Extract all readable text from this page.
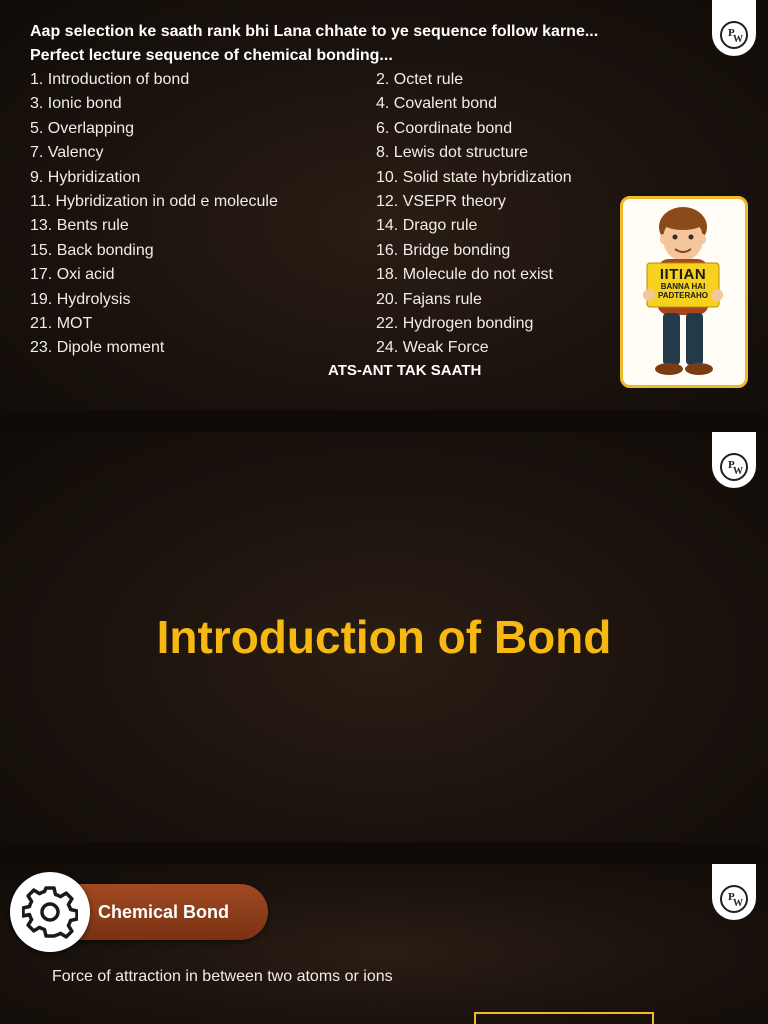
P
W
Aap selection ke saath rank bhi Lana chhate to ye sequence follow karne...
Perfect lecture sequence of chemical bonding...
1. Introduction of bond	2. Octet rule
3. Ionic bond	4. Covalent bond
5. Overlapping	6. Coordinate bond
7. Valency	8. Lewis dot structure
9. Hybridization	10. Solid state hybridization
11. Hybridization in odd e molecule	12. VSEPR theory
13. Bents rule	14. Drago rule
15. Back bonding	16. Bridge bonding
17. Oxi acid	18. Molecule do not exist
19. Hydrolysis	20. Fajans rule
21. MOT	22. Hydrogen bonding
23. Dipole moment	24. Weak Force
ATS-ANT TAK SAATH
IITIAN
BANNA HAI
PADTERAHO
P
W
Introduction of Bond
P
W
Chemical Bond
Force of attraction in between two atoms or ions
